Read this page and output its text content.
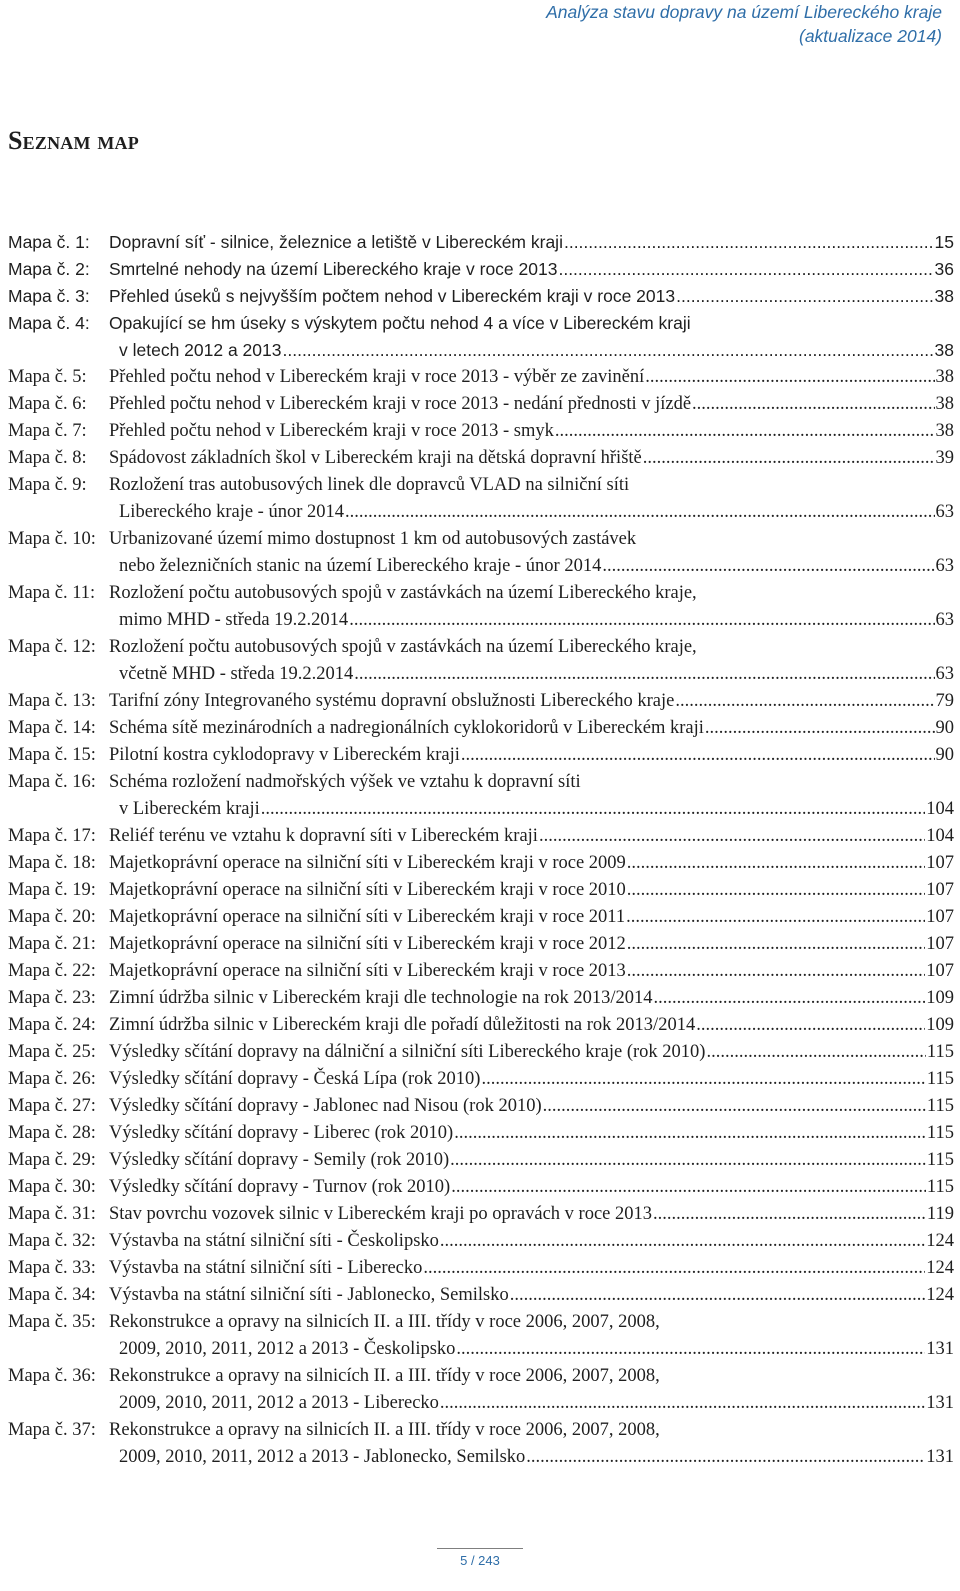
Analýza stavu dopravy na území Libereckého kraje
(aktualizace 2014)
Seznam map
Mapa č. 1:	Dopravní síť - silnice, železnice a letiště v Libereckém kraji .....	15
Mapa č. 2:	Smrtelné nehody na území Libereckého kraje v roce 2013 .....	36
Mapa č. 3:	Přehled úseků s nejvyšším počtem nehod v Libereckém kraji v roce 2013 .....	38
Mapa č. 4:	Opakující se hm úseky s výskytem počtu nehod 4 a více v Libereckém kraji
v letech 2012 a 2013 .....	38
Mapa č. 5:	Přehled počtu nehod v Libereckém kraji v roce 2013 - výběr ze zavinění .....	38
Mapa č. 6:	Přehled počtu nehod v Libereckém kraji v roce 2013 - nedání přednosti v jízdě .....	38
Mapa č. 7:	Přehled počtu nehod v Libereckém kraji v roce 2013 - smyk .....	38
Mapa č. 8:	Spádovost základních škol v Libereckém kraji na dětská dopravní hřiště .....	39
Mapa č. 9:	Rozložení tras autobusových linek dle dopravců VLAD na silniční síti
Libereckého kraje - únor 2014 .....	63
Mapa č. 10: Urbanizované území mimo dostupnost 1 km od autobusových zastávek
nebo železničních stanic na území Libereckého kraje - únor 2014 .....	63
Mapa č. 11: Rozložení počtu autobusových spojů v zastávkách na území Libereckého kraje,
mimo MHD - středa 19.2.2014 .....	63
Mapa č. 12: Rozložení počtu autobusových spojů v zastávkách na území Libereckého kraje,
včetně MHD - středa 19.2.2014 .....	63
Mapa č. 13: Tarifní zóny Integrovaného systému dopravní obslužnosti Libereckého kraje .....	79
Mapa č. 14: Schéma sítě mezinárodních a nadregionálních cyklokoridorů v Libereckém kraji .....	90
Mapa č. 15: Pilotní kostra cyklodopravy v Libereckém kraji .....	90
Mapa č. 16: Schéma rozložení nadmořských výšek ve vztahu k dopravní síti
v Libereckém kraji .....	104
Mapa č. 17: Reliéf terénu ve vztahu k dopravní síti v Libereckém kraji .....	104
Mapa č. 18: Majetkoprávní operace na silniční síti v Libereckém kraji v roce 2009 .....	107
Mapa č. 19: Majetkoprávní operace na silniční síti v Libereckém kraji v roce 2010 .....	107
Mapa č. 20: Majetkoprávní operace na silniční síti v Libereckém kraji v roce 2011 .....	107
Mapa č. 21: Majetkoprávní operace na silniční síti v Libereckém kraji v roce 2012 .....	107
Mapa č. 22: Majetkoprávní operace na silniční síti v Libereckém kraji v roce 2013 .....	107
Mapa č. 23: Zimní údržba silnic v Libereckém kraji dle technologie na rok 2013/2014 .....	109
Mapa č. 24: Zimní údržba silnic v Libereckém kraji dle pořadí důležitosti na rok 2013/2014 .....	109
Mapa č. 25: Výsledky sčítání dopravy na dálniční a silniční síti Libereckého kraje (rok 2010) .....	115
Mapa č. 26: Výsledky sčítání dopravy - Česká Lípa (rok 2010) .....	115
Mapa č. 27: Výsledky sčítání dopravy - Jablonec nad Nisou (rok 2010) .....	115
Mapa č. 28: Výsledky sčítání dopravy - Liberec (rok 2010) .....	115
Mapa č. 29: Výsledky sčítání dopravy - Semily (rok 2010) .....	115
Mapa č. 30: Výsledky sčítání dopravy - Turnov (rok 2010) .....	115
Mapa č. 31: Stav povrchu vozovek silnic v Libereckém kraji po opravách v roce 2013 .....	119
Mapa č. 32: Výstavba na státní silniční síti - Českolipsko .....	124
Mapa č. 33: Výstavba na státní silniční síti - Liberecko .....	124
Mapa č. 34: Výstavba na státní silniční síti - Jablonecko, Semilsko .....	124
Mapa č. 35: Rekonstrukce a opravy na silnicích II. a III. třídy v roce 2006, 2007, 2008,
2009, 2010, 2011, 2012 a 2013 - Českolipsko .....	131
Mapa č. 36: Rekonstrukce a opravy na silnicích II. a III. třídy v roce 2006, 2007, 2008,
2009, 2010, 2011, 2012 a 2013 - Liberecko .....	131
Mapa č. 37: Rekonstrukce a opravy na silnicích II. a III. třídy v roce 2006, 2007, 2008,
2009, 2010, 2011, 2012 a 2013 - Jablonecko, Semilsko .....	131
5 / 243
